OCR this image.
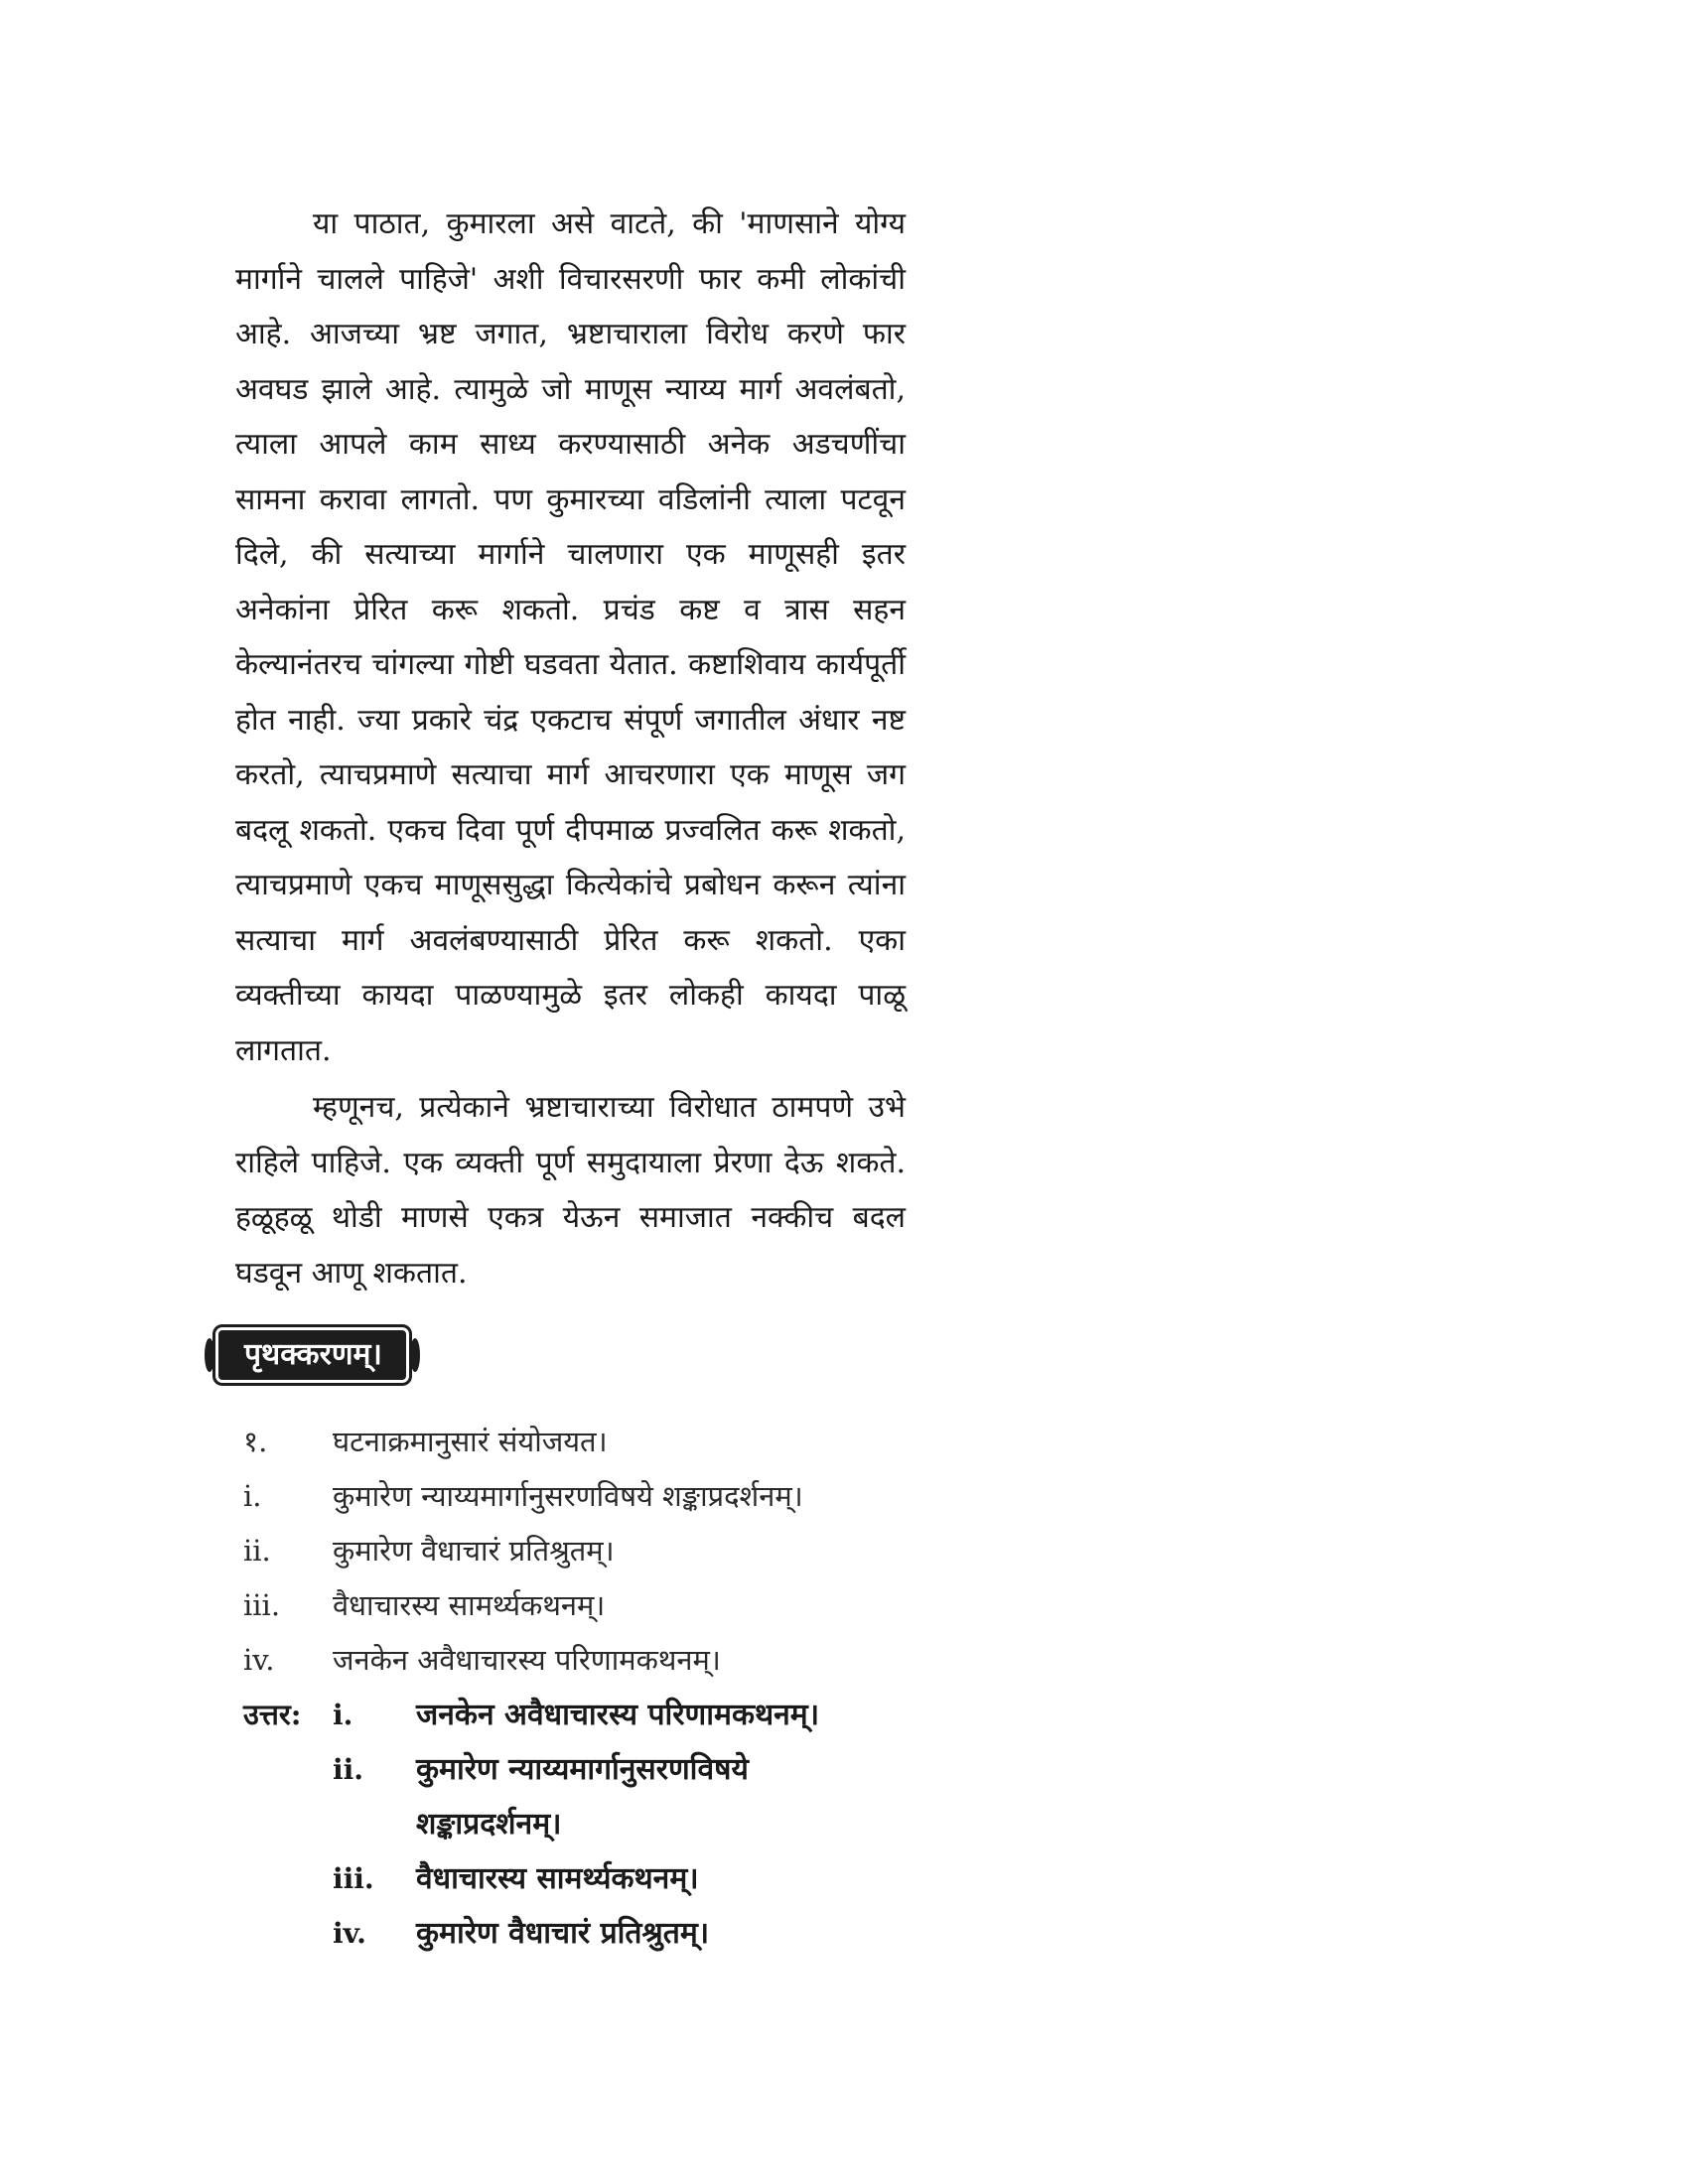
या पाठात, कुमारला असे वाटते, की 'माणसाने योग्य मार्गाने चालले पाहिजे' अशी विचारसरणी फार कमी लोकांची आहे. आजच्या भ्रष्ट जगात, भ्रष्टाचाराला विरोध करणे फार अवघड झाले आहे. त्यामुळे जो माणूस न्याय्य मार्ग अवलंबतो, त्याला आपले काम साध्य करण्यासाठी अनेक अडचणींचा सामना करावा लागतो. पण कुमारच्या वडिलांनी त्याला पटवून दिले, की सत्याच्या मार्गाने चालणारा एक माणूसही इतर अनेकांना प्रेरित करू शकतो. प्रचंड कष्ट व त्रास सहन केल्यानंतरच चांगल्या गोष्टी घडवता येतात. कष्टाशिवाय कार्यपूर्ती होत नाही. ज्या प्रकारे चंद्र एकटाच संपूर्ण जगातील अंधार नष्ट करतो, त्याचप्रमाणे सत्याचा मार्ग आचरणारा एक माणूस जग बदलू शकतो. एकच दिवा पूर्ण दीपमाळ प्रज्वलित करू शकतो, त्याचप्रमाणे एकच माणूससुद्धा कित्येकांचे प्रबोधन करून त्यांना सत्याचा मार्ग अवलंबण्यासाठी प्रेरित करू शकतो. एका व्यक्तीच्या कायदा पाळण्यामुळे इतर लोकही कायदा पाळू लागतात.

म्हणूनच, प्रत्येकाने भ्रष्टाचाराच्या विरोधात ठामपणे उभे राहिले पाहिजे. एक व्यक्ती पूर्ण समुदायाला प्रेरणा देऊ शकते. हळूहळू थोडी माणसे एकत्र येऊन समाजात नक्कीच बदल घडवून आणू शकतात.

पृथक्करणम्।
१.	घटनाक्रमानुसारं संयोजयत।
i.	कुमारेण न्याय्यमार्गानुसरणविषये शङ्काप्रदर्शनम्।
ii.	कुमारेण वैधाचारं प्रतिश्रुतम्।
iii.	वैधाचारस्य सामर्थ्यकथनम्।
iv.	जनकेन अवैधाचारस्य परिणामकथनम्।
उत्तर: i.	जनकेन अवैधाचारस्य परिणामकथनम्।
ii.	कुमारेण न्याय्यमार्गानुसरणविषये
शङ्काप्रदर्शनम्।
iii.	वैधाचारस्य सामर्थ्यकथनम्।
iv.	कुमारेण वैधाचारं प्रतिश्रुतम्।
